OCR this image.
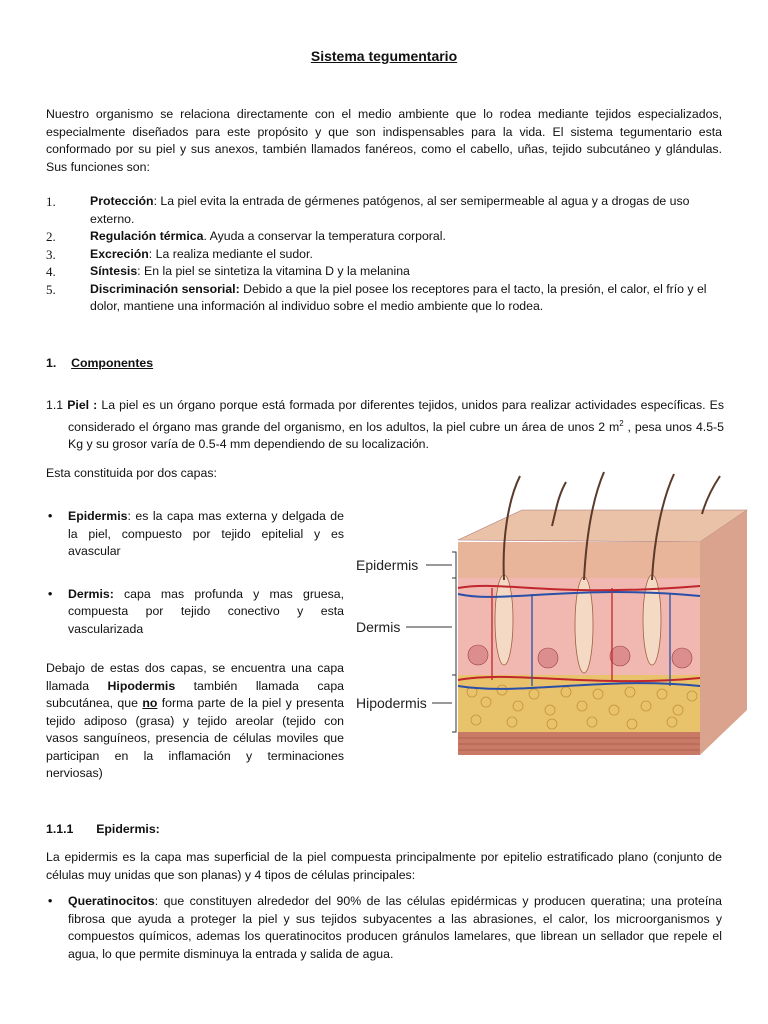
Sistema tegumentario
Nuestro organismo se relaciona directamente con el medio ambiente que lo rodea mediante tejidos especializados, especialmente diseñados para este propósito y que son indispensables para la vida. El sistema tegumentario esta conformado por su piel y sus anexos, también llamados fanéreos, como el cabello, uñas, tejido subcutáneo y glándulas. Sus funciones son:
1.	Protección: La piel evita la entrada de gérmenes patógenos, al ser semipermeable al agua y a drogas de uso externo.
2.	Regulación térmica. Ayuda a conservar la temperatura corporal.
3.	Excreción: La realiza mediante el sudor.
4.	Síntesis: En la piel se sintetiza la vitamina D y la melanina
5.	Discriminación sensorial: Debido a que la piel posee los receptores para el tacto, la presión, el calor, el frío y el dolor, mantiene una información al individuo sobre el medio ambiente que lo rodea.
1. Componentes
1.1 Piel : La piel es un órgano porque está formada por diferentes tejidos, unidos para realizar actividades específicas. Es considerado el órgano mas grande del organismo, en los adultos, la piel cubre un área de unos 2 $m^2$ , pesa unos 4.5-5 Kg y su grosor varía de 0.5-4 mm dependiendo de su localización.
Esta constituida por dos capas:
• Epidermis: es la capa mas externa y delgada de la piel, compuesto por tejido epitelial y es avascular
• Dermis: capa mas profunda y mas gruesa, compuesta por tejido conectivo y esta vascularizada
Debajo de estas dos capas, se encuentra una capa llamada Hipodermis también llamada capa subcutánea, que no forma parte de la piel y presenta tejido adiposo (grasa) y tejido areolar (tejido con vasos sanguíneos, presencia de células moviles que participan en la inflamación y terminaciones nerviosas)
Epidermis
Dermis
Hipodermis
1.1.1 Epidermis:
La epidermis es la capa mas superficial de la piel compuesta principalmente por epitelio estratificado plano (conjunto de células muy unidas que son planas) y 4 tipos de células principales:
• Queratinocitos: que constituyen alrededor del 90% de las células epidérmicas y producen queratina; una proteína fibrosa que ayuda a proteger la piel y sus tejidos subyacentes a las abrasiones, el calor, los microorganismos y compuestos químicos, ademas los queratinocitos producen gránulos lamelares, que librean un sellador que repele el agua, lo que permite disminuya la entrada y salida de agua.
